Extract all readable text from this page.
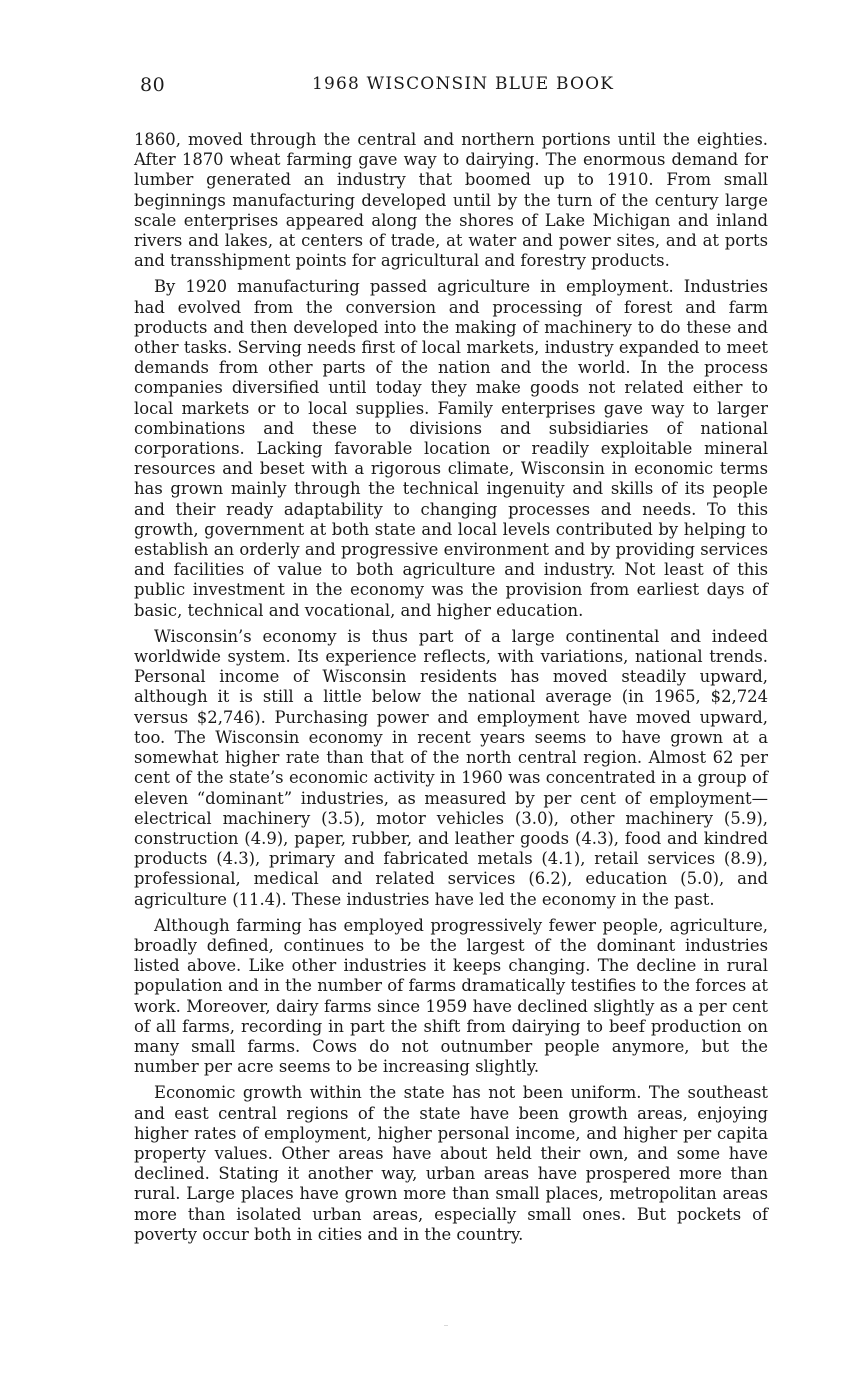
80	1968 WISCONSIN BLUE BOOK

1860, moved through the central and northern portions until the eighties. After 1870 wheat farming gave way to dairying. The enormous demand for lumber generated an industry that boomed up to 1910. From small beginnings manufacturing developed until by the turn of the century large scale enterprises appeared along the shores of Lake Michigan and inland rivers and lakes, at centers of trade, at water and power sites, and at ports and transshipment points for agricultural and forestry products.

By 1920 manufacturing passed agriculture in employment. Industries had evolved from the conversion and processing of forest and farm products and then developed into the making of machinery to do these and other tasks. Serving needs first of local markets, industry expanded to meet demands from other parts of the nation and the world. In the process companies diversified until today they make goods not related either to local markets or to local supplies. Family enterprises gave way to larger combinations and these to divisions and subsidiaries of national corporations. Lacking favorable location or readily exploitable mineral resources and beset with a rigorous climate, Wisconsin in economic terms has grown mainly through the technical ingenuity and skills of its people and their ready adaptability to changing processes and needs. To this growth, government at both state and local levels contributed by helping to establish an orderly and progressive environment and by providing services and facilities of value to both agriculture and industry. Not least of this public investment in the economy was the provision from earliest days of basic, technical and vocational, and higher education.

Wisconsin’s economy is thus part of a large continental and indeed worldwide system. Its experience reflects, with variations, national trends. Personal income of Wisconsin residents has moved steadily upward, although it is still a little below the national average (in 1965, $2,724 versus $2,746). Purchasing power and employment have moved upward, too. The Wisconsin economy in recent years seems to have grown at a somewhat higher rate than that of the north central region. Almost 62 per cent of the state’s economic activity in 1960 was concentrated in a group of eleven “dominant” industries, as measured by per cent of employment—electrical machinery (3.5), motor vehicles (3.0), other machinery (5.9), construction (4.9), paper, rubber, and leather goods (4.3), food and kindred products (4.3), primary and fabricated metals (4.1), retail services (8.9), professional, medical and related services (6.2), education (5.0), and agriculture (11.4). These industries have led the economy in the past.

Although farming has employed progressively fewer people, agriculture, broadly defined, continues to be the largest of the dominant industries listed above. Like other industries it keeps changing. The decline in rural population and in the number of farms dramatically testifies to the forces at work. Moreover, dairy farms since 1959 have declined slightly as a per cent of all farms, recording in part the shift from dairying to beef production on many small farms. Cows do not outnumber people anymore, but the number per acre seems to be increasing slightly.

Economic growth within the state has not been uniform. The southeast and east central regions of the state have been growth areas, enjoying higher rates of employment, higher personal income, and higher per capita property values. Other areas have about held their own, and some have declined. Stating it another way, urban areas have prospered more than rural. Large places have grown more than small places, metropolitan areas more than isolated urban areas, especially small ones. But pockets of poverty occur both in cities and in the country.
